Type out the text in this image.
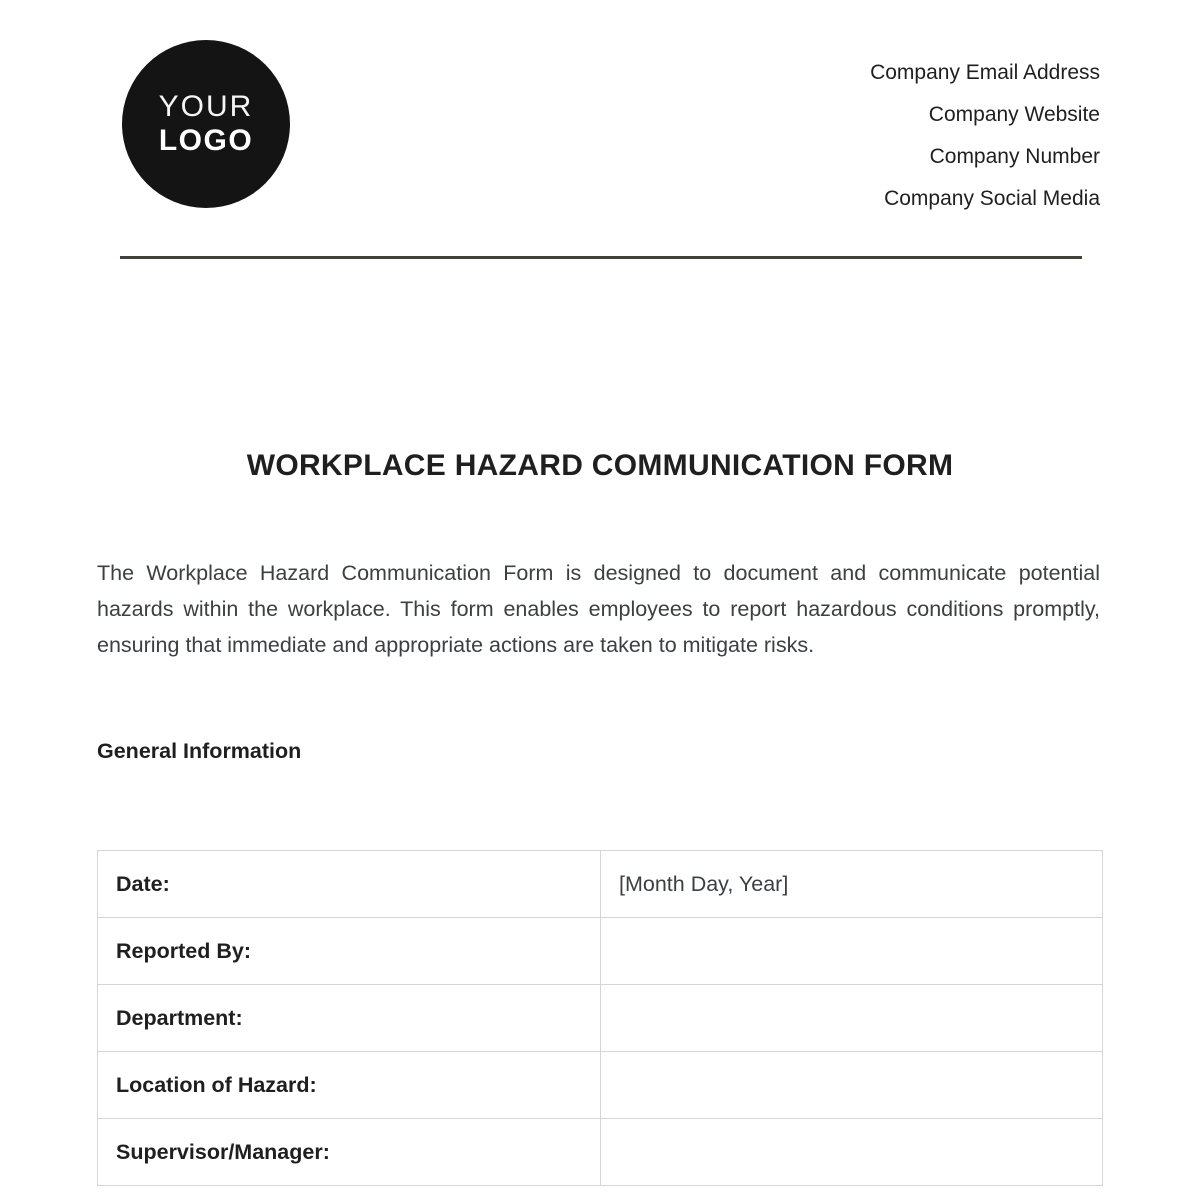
YOUR
LOGO
Company Email Address
Company Website
Company Number
Company Social Media
WORKPLACE HAZARD COMMUNICATION FORM

The Workplace Hazard Communication Form is designed to document and communicate potential hazards within the workplace. This form enables employees to report hazardous conditions promptly, ensuring that immediate and appropriate actions are taken to mitigate risks.

General Information
Date:	[Month Day, Year]
Reported By:	
Department:	
Location of Hazard:	
Supervisor/Manager:	
